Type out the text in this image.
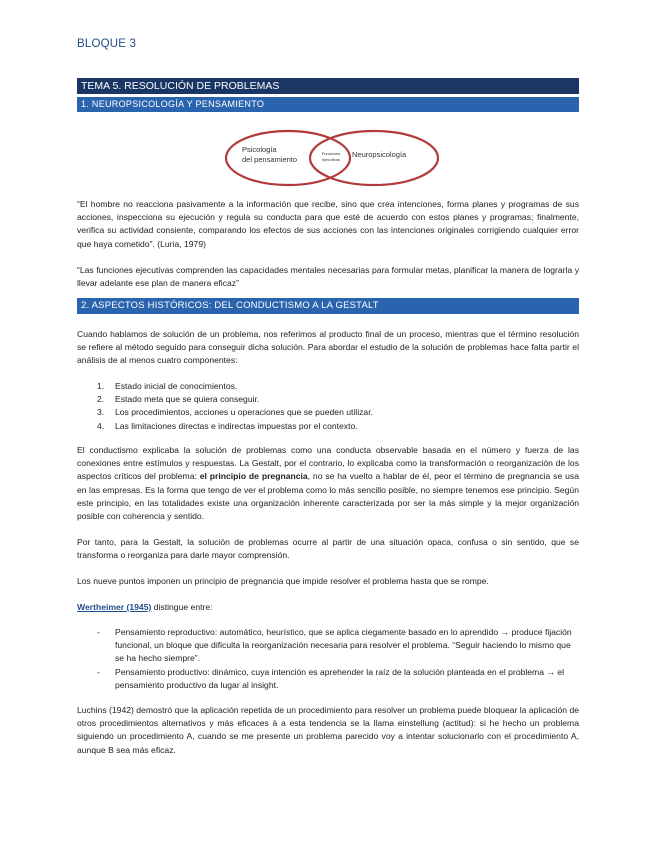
BLOQUE 3
TEMA 5. RESOLUCIÓN DE PROBLEMAS
1. NEUROPSICOLOGÍA Y PENSAMIENTO
Psicología
del pensamiento
Funciones
ejecutivas
Neuropsicología
“El hombre no reacciona pasivamente a la información que recibe, sino que crea intenciones, forma planes y programas de sus acciones, inspecciona su ejecución y regula su conducta para que esté de acuerdo con estos planes y programas; finalmente, verifica su actividad consiente, comparando los efectos de sus acciones con las intenciones originales corrigiendo cualquier error que haya cometido”. (Luria, 1979)
“Las funciones ejecutivas comprenden las capacidades mentales necesarias para formular metas, planificar la manera de lograrla y llevar adelante ese plan de manera eficaz”
2. ASPECTOS HISTÓRICOS: DEL CONDUCTISMO A LA GESTALT
Cuando hablamos de solución de un problema, nos referimos al producto final de un proceso, mientras que el término resolución se refiere al método seguido para conseguir dicha solución. Para abordar el estudio de la solución de problemas hace falta partir el análisis de al menos cuatro componentes:
1. Estado inicial de conocimientos.
2. Estado meta que se quiera conseguir.
3. Los procedimientos, acciones u operaciones que se pueden utilizar.
4. Las limitaciones directas e indirectas impuestas por el contexto.
El conductismo explicaba la solución de problemas como una conducta observable basada en el número y fuerza de las conexiones entre estímulos y respuestas. La Gestalt, por el contrario, lo explicaba como la transformación o reorganización de los aspectos críticos del problema: el principio de pregnancia, no se ha vuelto a hablar de él, peor el término de pregnancia se usa en las empresas. Es la forma que tengo de ver el problema como lo más sencillo posible, no siempre tenemos ese principio. Según este principio, en las totalidades existe una organización inherente caracterizada por ser la más simple y la mejor organización posible con coherencia y sentido.
Por tanto, para la Gestalt, la solución de problemas ocurre al partir de una situación opaca, confusa o sin sentido, que se transforma o reorganiza para darle mayor comprensión.
Los nueve puntos imponen un principio de pregnancia que impide resolver el problema hasta que se rompe.
Wertheimer (1945) distingue entre:
- Pensamiento reproductivo: automático, heurístico, que se aplica ciegamente basado en lo aprendido → produce fijación funcional, un bloque que dificulta la reorganización necesaria para resolver el problema. “Seguir haciendo lo mismo que se ha hecho siempre”.
- Pensamiento productivo: dinámico, cuya intención es aprehender la raíz de la solución planteada en el problema → el pensamiento productivo da lugar al insight.
Luchins (1942) demostró que la aplicación repetida de un procedimiento para resolver un problema puede bloquear la aplicación de otros procedimientos alternativos y más eficaces à a esta tendencia se la llama einstellung (actitud): si he hecho un problema siguiendo un procedimiento A, cuando se me presente un problema parecido voy a intentar solucionarlo con el procedimiento A, aunque B sea más eficaz.
